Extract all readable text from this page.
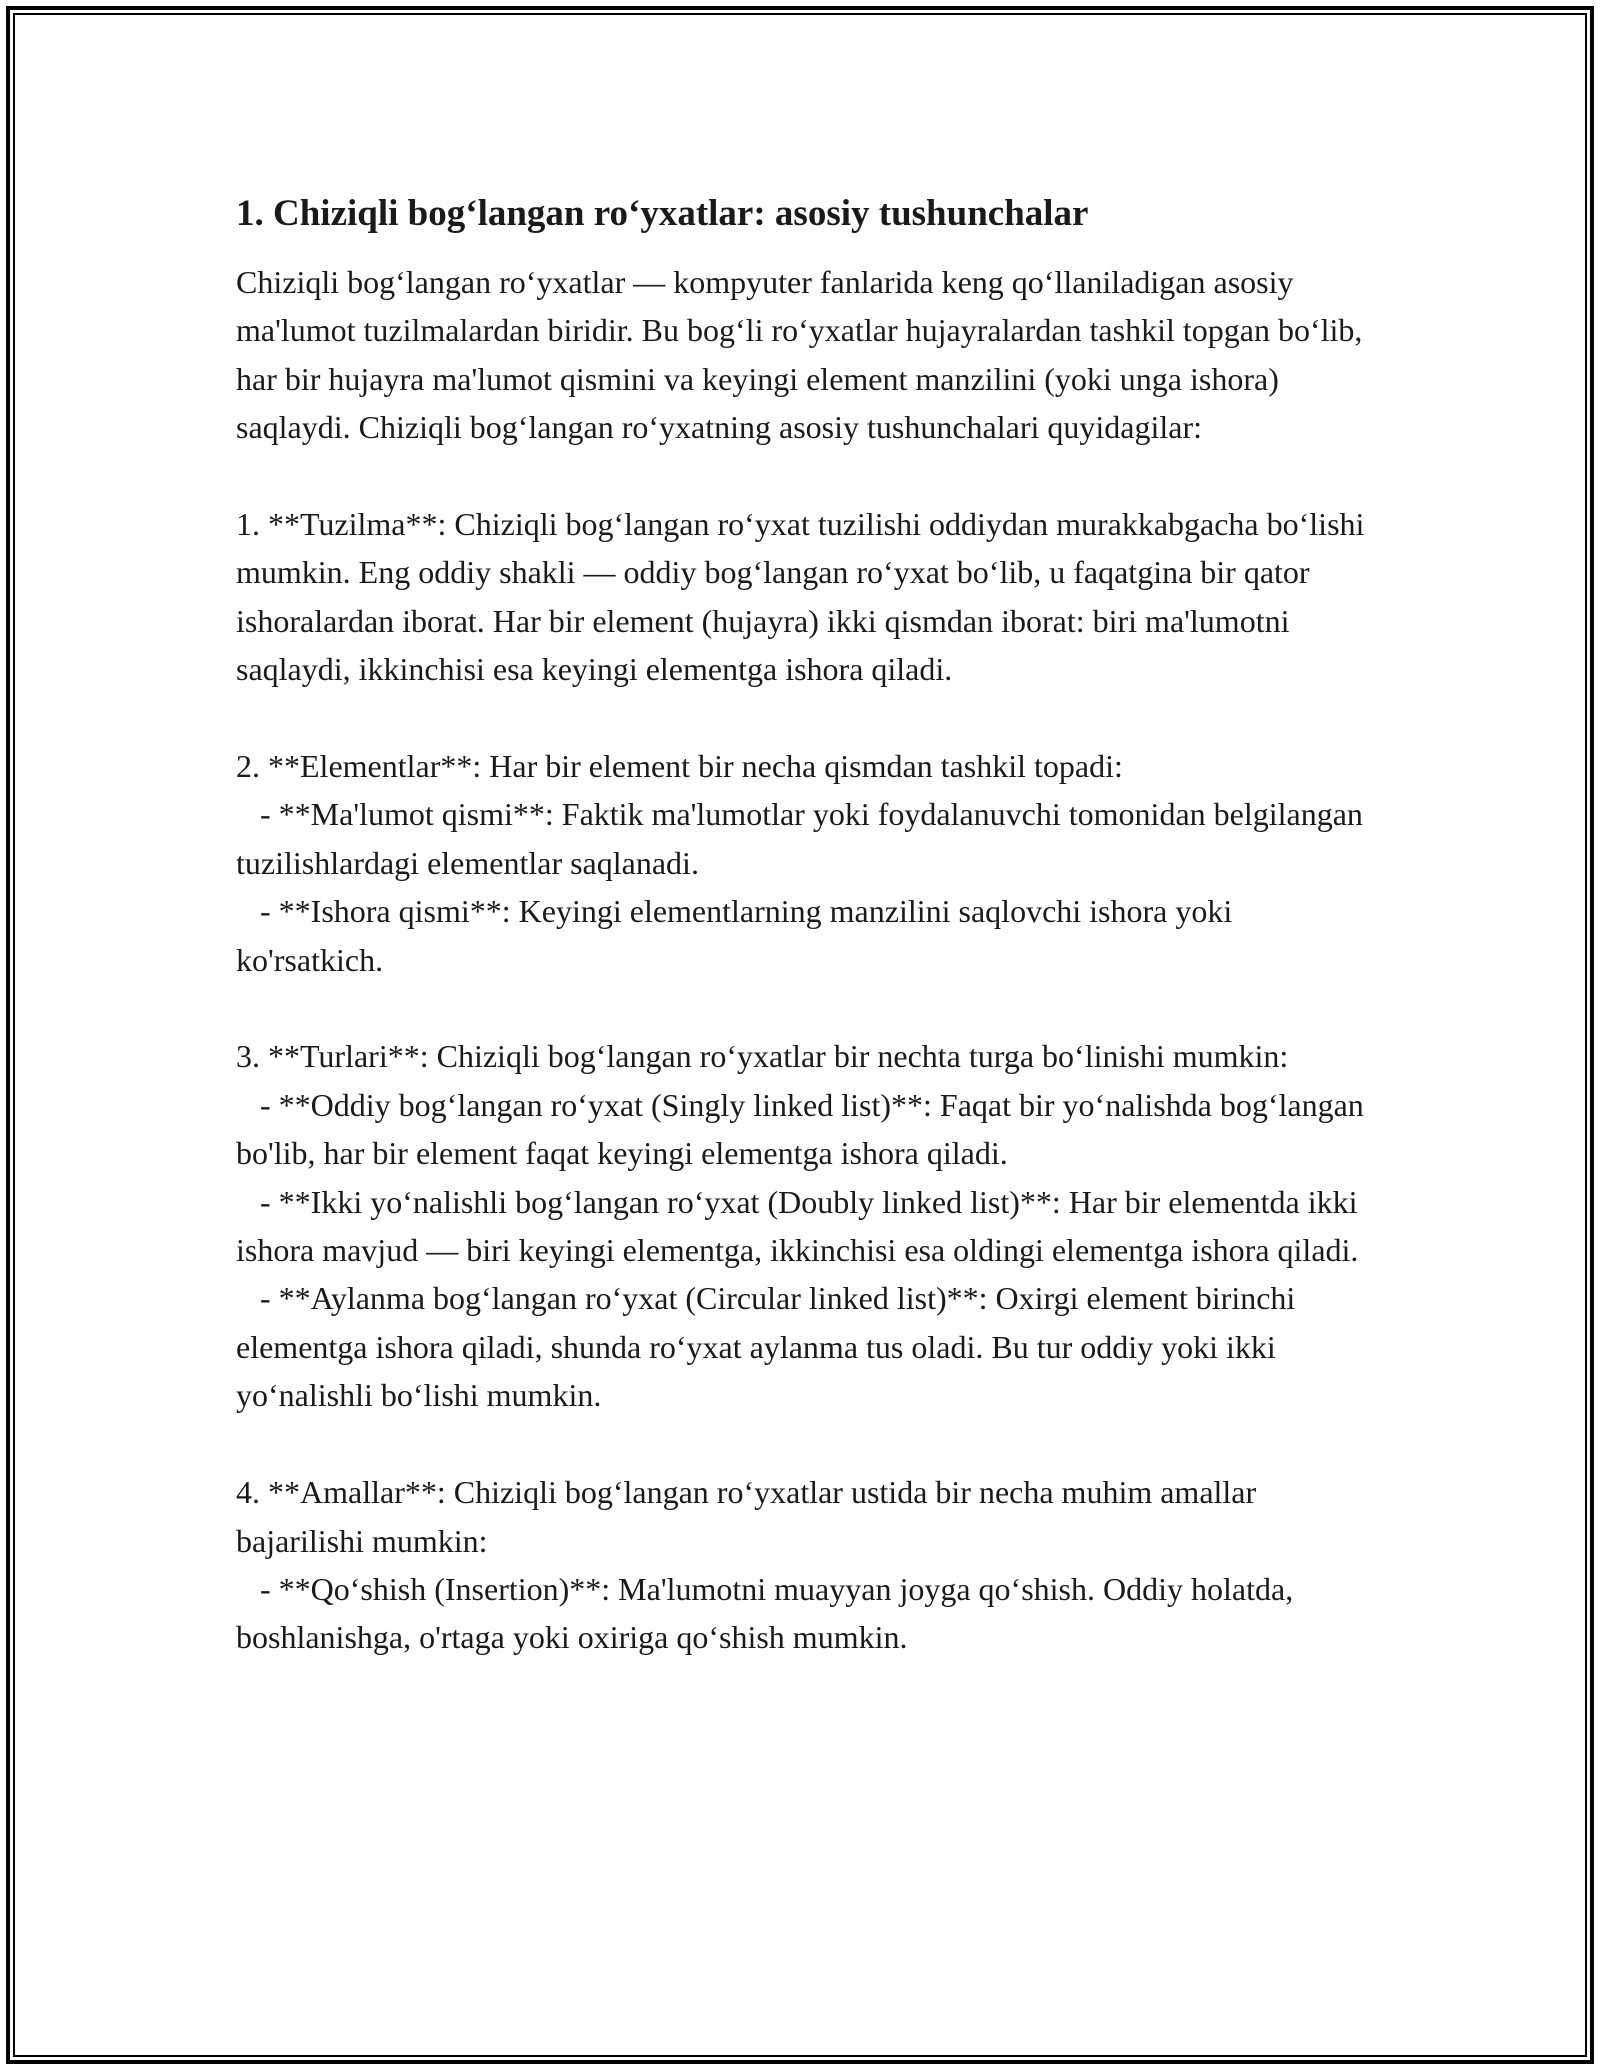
1. Chiziqli bog‘langan ro‘yxatlar: asosiy tushunchalar

Chiziqli bog‘langan ro‘yxatlar — kompyuter fanlarida keng qo‘llaniladigan asosiy ma'lumot tuzilmalardan biridir. Bu bog‘li ro‘yxatlar hujayralardan tashkil topgan bo‘lib, har bir hujayra ma'lumot qismini va keyingi element manzilini (yoki unga ishora) saqlaydi. Chiziqli bog‘langan ro‘yxatning asosiy tushunchalari quyidagilar:

1. **Tuzilma**: Chiziqli bog‘langan ro‘yxat tuzilishi oddiydan murakkabgacha bo‘lishi mumkin. Eng oddiy shakli — oddiy bog‘langan ro‘yxat bo‘lib, u faqatgina bir qator ishoralardan iborat. Har bir element (hujayra) ikki qismdan iborat: biri ma'lumotni saqlaydi, ikkinchisi esa keyingi elementga ishora qiladi.

2. **Elementlar**: Har bir element bir necha qismdan tashkil topadi:

- **Ma'lumot qismi**: Faktik ma'lumotlar yoki foydalanuvchi tomonidan belgilangan tuzilishlardagi elementlar saqlanadi.

- **Ishora qismi**: Keyingi elementlarning manzilini saqlovchi ishora yoki ko'rsatkich.

3. **Turlari**: Chiziqli bog‘langan ro‘yxatlar bir nechta turga bo‘linishi mumkin:

- **Oddiy bog‘langan ro‘yxat (Singly linked list)**: Faqat bir yo‘nalishda bog‘langan bo'lib, har bir element faqat keyingi elementga ishora qiladi.

- **Ikki yo‘nalishli bog‘langan ro‘yxat (Doubly linked list)**: Har bir elementda ikki ishora mavjud — biri keyingi elementga, ikkinchisi esa oldingi elementga ishora qiladi.

- **Aylanma bog‘langan ro‘yxat (Circular linked list)**: Oxirgi element birinchi elementga ishora qiladi, shunda ro‘yxat aylanma tus oladi. Bu tur oddiy yoki ikki yo‘nalishli bo‘lishi mumkin.

4. **Amallar**: Chiziqli bog‘langan ro‘yxatlar ustida bir necha muhim amallar bajarilishi mumkin:

- **Qo‘shish (Insertion)**: Ma'lumotni muayyan joyga qo‘shish. Oddiy holatda, boshlanishga, o'rtaga yoki oxiriga qo‘shish mumkin.
